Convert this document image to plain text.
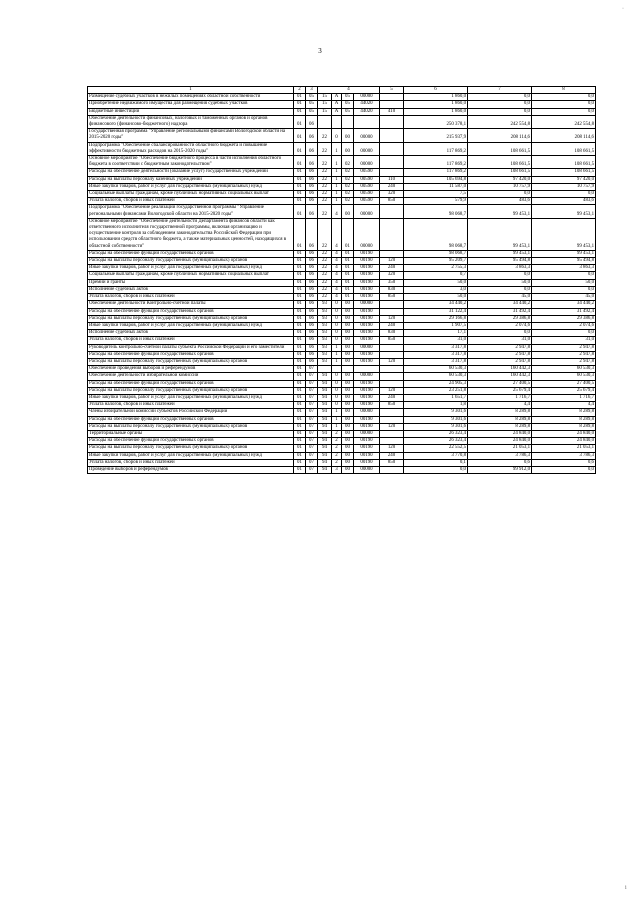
·
3
1	2	3	4				5	6	7	8
Размещение судебных участков в нежилых помещениях областной собственности	01	05	15	А	05	00000		1 860,0	0,0	0,0
Приобретение недвижимого имущества для размещения судебных участков	01	05	15	А	05	44020		1 860,0	0,0	0,0
Бюджетные инвестиции	01	05	15	А	05	44020	410	1 860,0	0,0	0,0
Обеспечение деятельности финансовых, налоговых и таможенных органов и органов финансового (финансово-бюджетного) надзора	01	06						250 378,1	242 554,8	242 554,8
Государственная программа "Управление региональными финансами Вологодской области на 2015-2020 годы"	01	06	22	0	00	00000		215 937,9	208 114,6	208 114,6
Подпрограмма "Обеспечение сбалансированности областного бюджета и повышение эффективности бюджетных расходов на 2015-2020 годы"	01	06	22	1	00	00000		117 869,2	108 661,5	108 661,5
Основное мероприятие "Обеспечение бюджетного процесса в части исполнения областного бюджета в соответствии с бюджетным законодательством"	01	06	22	1	02	00000		117 869,2	108 661,5	108 661,5
Расходы на обеспечение деятельности (оказание услуг) государственных учреждений	01	06	22	1	02	00590		117 869,2	108 661,5	108 661,5
Расходы на выплаты персоналу казенных учреждений	01	06	22	1	02	00590	110	105 694,8	97 420,0	97 420,0
Иные закупки товаров, работ и услуг для государственных (муниципальных) нужд	01	06	22	1	02	00590	240	11 587,0	10 757,9	10 757,9
Социальные выплаты гражданам, кроме публичных нормативных социальных выплат	01	06	22	1	02	00590	320	7,5	0,0	0,0
Уплата налогов, сборов и иных платежей	01	06	22	1	02	00590	850	579,9	483,6	483,6
Подпрограмма "Обеспечение реализации государственной программы "Управление региональными финансами Вологодской области на 2015-2020 годы"	01	06	22	4	00	00000		98 068,7	99 453,1	99 453,1
Основное мероприятие "Обеспечение деятельности Департамента финансов области как ответственного исполнителя государственной программы, включая организацию и осуществление контроля за соблюдением законодательства Российской Федерации при использовании средств областного бюджета, а также материальных ценностей, находящихся в областной собственности"	01	06	22	4	01	00000		98 068,7	99 453,1	99 453,1
Расходы на обеспечение функций государственных органов	01	06	22	4	01	00190		98 068,7	99 453,1	99 453,1
Расходы на выплаты персоналу государственных (муниципальных) органов	01	06	22	4	01	00190	120	95 209,7	95 494,8	95 494,8
Иные закупки товаров, работ и услуг для государственных (муниципальных) нужд	01	06	22	4	01	00190	240	2 755,3	3 863,3	3 863,3
Социальные выплаты гражданам, кроме публичных нормативных социальных выплат	01	06	22	4	01	00190	320	0,7	0,0	0,0
Премии и гранты	01	06	22	4	01	00190	350	50,0	50,0	50,0
Исполнение судебных актов	01	06	22	4	01	00190	830	3,0	0,0	0,0
Уплата налогов, сборов и иных платежей	01	06	22	4	01	00190	850	50,0	45,0	45,0
Обеспечение деятельности Контрольно-счетной палаты	01	06	93	0	00	00000		34 440,2	34 440,2	34 440,2
Расходы на обеспечение функций государственных органов	01	06	93	0	00	00190		31 122,4	31 492,4	31 492,4
Расходы на выплаты персоналу государственных (муниципальных) органов	01	06	93	0	00	00190	120	29 166,8	29 386,8	29 386,8
Иные закупки товаров, работ и услуг для государственных (муниципальных) нужд	01	06	93	0	00	00190	240	1 907,5	2 074,6	2 074,6
Исполнение судебных актов	01	06	93	0	00	00190	830	17,1	0,0	0,0
Уплата налогов, сборов и иных платежей	01	06	93	0	00	00190	850	31,0	31,0	31,0
Руководитель контрольно-счетной палаты субъекта Российской Федерации и его заместители	01	06	93	1	00	00000		3 317,8	2 947,8	2 947,8
Расходы на обеспечение функций государственных органов	01	06	93	1	00	00190		3 317,8	2 947,8	2 947,8
Расходы на выплаты персоналу государственных (муниципальных) органов	01	06	93	1	00	00190	120	3 317,8	2 947,8	2 947,8
Обеспечение проведения выборов и референдумов	01	07						60 530,3	160 442,3	60 530,3
Обеспечение деятельности избирательной комиссии	01	07	94	0	00	00000		60 530,3	160 442,3	60 530,3
Расходы на обеспечение функций государственных органов	01	07	94	0	00	00190		24 905,3	27 400,5	27 400,5
Расходы на выплаты персоналу государственных (муниципальных) органов	01	07	94	0	00	00190	120	23 251,8	25 679,4	25 679,4
Иные закупки товаров, работ и услуг для государственных (муниципальных) нужд	01	07	94	0	00	00190	240	1 651,7	1 716,7	1 716,7
Уплата налогов, сборов и иных платежей	01	07	94	0	00	00190	850	1,8	4,4	4,4
Члены избирательной комиссии субъектов Российской Федерации	01	07	94	1	00	00000		9 301,6	8 289,8	8 289,8
Расходы на обеспечение функций государственных органов	01	07	94	1	00	00190		9 301,6	8 289,8	8 289,8
Расходы на выплаты персоналу государственных (муниципальных) органов	01	07	94	1	00	00190	120	9 301,6	8 289,8	8 289,8
Территориальные органы	01	07	94	2	00	00000		26 323,4	24 840,0	24 840,0
Расходы на обеспечение функций государственных органов	01	07	94	2	00	00190		26 323,4	24 840,0	24 840,0
Расходы на выплаты персоналу государственных (муниципальных) органов	01	07	94	2	00	00190	120	22 552,5	21 053,1	21 053,1
Иные закупки товаров, работ и услуг для государственных (муниципальных) нужд	01	07	94	2	00	00190	240	3 770,8	3 786,3	3 786,3
Уплата налогов, сборов и иных платежей	01	07	94	2	00	00190	850	0,1	0,6	0,6
Проведение выборов и референдумов	01	07	94	3	00	00000		0,0	99 912,0	0,0
i
